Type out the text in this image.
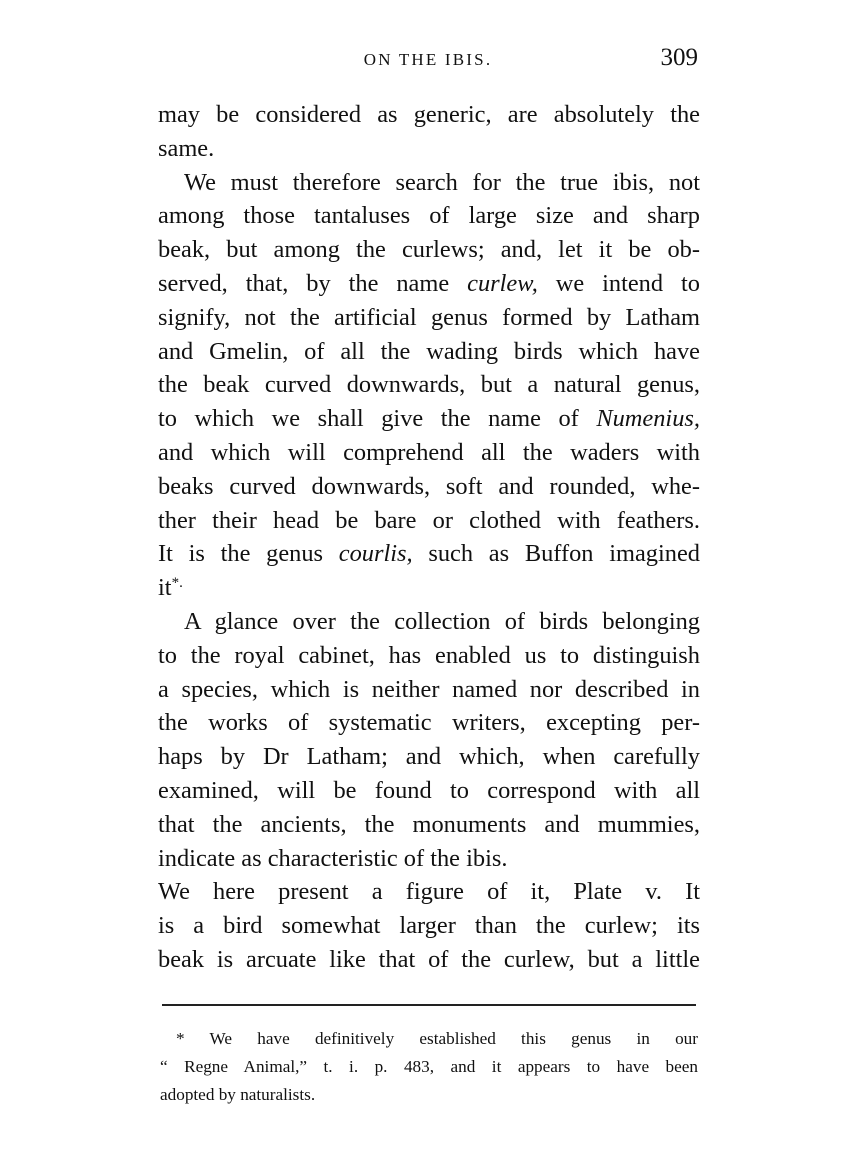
ON THE IBIS.	309
may be considered as generic, are absolutely the
same.
We must therefore search for the true ibis, not
among those tantaluses of large size and sharp
beak, but among the curlews; and, let it be ob-
served, that, by the name curlew, we intend to
signify, not the artificial genus formed by Latham
and Gmelin, of all the wading birds which have
the beak curved downwards, but a natural genus,
to which we shall give the name of Numenius,
and which will comprehend all the waders with
beaks curved downwards, soft and rounded, whe-
ther their head be bare or clothed with feathers.
It is the genus courlis, such as Buffon imagined
it*.
A glance over the collection of birds belonging
to the royal cabinet, has enabled us to distinguish
a species, which is neither named nor described in
the works of systematic writers, excepting per-
haps by Dr Latham; and which, when carefully
examined, will be found to correspond with all
that the ancients, the monuments and mummies,
indicate as characteristic of the ibis.
We here present a figure of it, Plate v. It
is a bird somewhat larger than the curlew; its
beak is arcuate like that of the curlew, but a little
* We have definitively established this genus in our
“ Regne Animal,” t. i. p. 483, and it appears to have been
adopted by naturalists.
